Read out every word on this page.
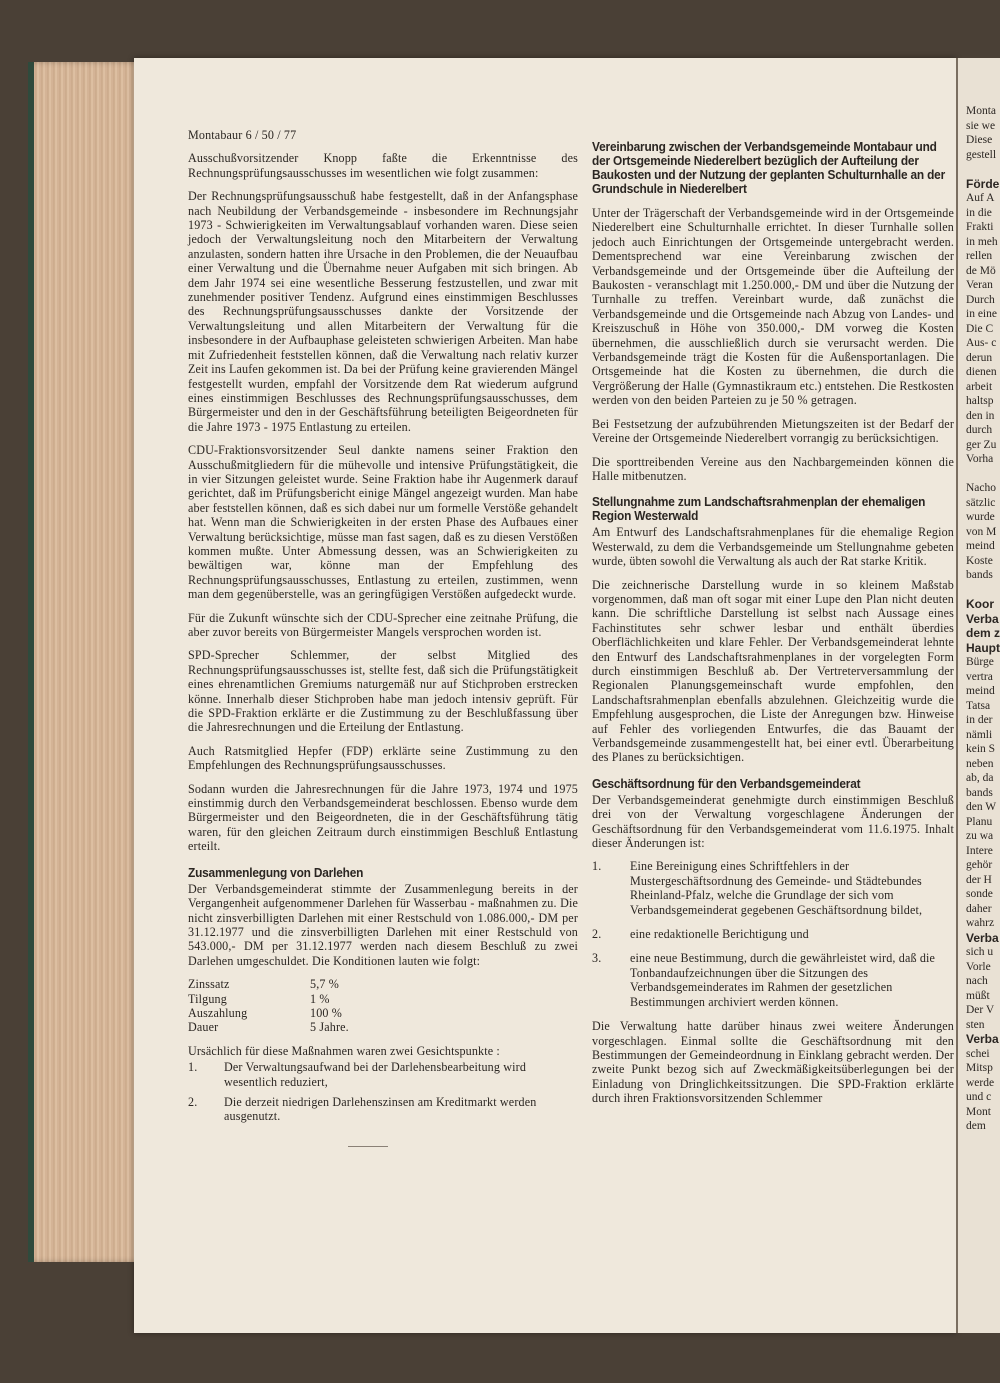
Montabaur 6 / 50 / 77

Ausschußvorsitzender Knopp faßte die Erkenntnisse des Rechnungsprüfungsausschusses im wesentlichen wie folgt zusammen:

Der Rechnungsprüfungsausschuß habe festgestellt, daß in der Anfangsphase nach Neubildung der Verbandsgemeinde - insbesondere im Rechnungsjahr 1973 - Schwierigkeiten im Verwaltungsablauf vorhanden waren. Diese seien jedoch der Verwaltungsleitung noch den Mitarbeitern der Verwaltung anzulasten, sondern hatten ihre Ursache in den Problemen, die der Neuaufbau einer Verwaltung und die Übernahme neuer Aufgaben mit sich bringen. Ab dem Jahr 1974 sei eine wesentliche Besserung festzustellen, und zwar mit zunehmender positiver Tendenz. Aufgrund eines einstimmigen Beschlusses des Rechnungsprüfungsausschusses dankte der Vorsitzende der Verwaltungsleitung und allen Mitarbeitern der Verwaltung für die insbesondere in der Aufbauphase geleisteten schwierigen Arbeiten. Man habe mit Zufriedenheit feststellen können, daß die Verwaltung nach relativ kurzer Zeit ins Laufen gekommen ist. Da bei der Prüfung keine gravierenden Mängel festgestellt wurden, empfahl der Vorsitzende dem Rat wiederum aufgrund eines einstimmigen Beschlusses des Rechnungsprüfungsausschusses, dem Bürgermeister und den in der Geschäftsführung beteiligten Beigeordneten für die Jahre 1973 - 1975 Entlastung zu erteilen.

CDU-Fraktionsvorsitzender Seul dankte namens seiner Fraktion den Ausschußmitgliedern für die mühevolle und intensive Prüfungstätigkeit, die in vier Sitzungen geleistet wurde. Seine Fraktion habe ihr Augenmerk darauf gerichtet, daß im Prüfungsbericht einige Mängel angezeigt wurden. Man habe aber feststellen können, daß es sich dabei nur um formelle Verstöße gehandelt hat. Wenn man die Schwierigkeiten in der ersten Phase des Aufbaues einer Verwaltung berücksichtige, müsse man fast sagen, daß es zu diesen Verstößen kommen mußte. Unter Abmessung dessen, was an Schwierigkeiten zu bewältigen war, könne man der Empfehlung des Rechnungsprüfungsausschusses, Entlastung zu erteilen, zustimmen, wenn man dem gegenüberstelle, was an geringfügigen Verstößen aufgedeckt wurde.

Für die Zukunft wünschte sich der CDU-Sprecher eine zeitnahe Prüfung, die aber zuvor bereits von Bürgermeister Mangels versprochen worden ist.

SPD-Sprecher Schlemmer, der selbst Mitglied des Rechnungsprüfungsausschusses ist, stellte fest, daß sich die Prüfungstätigkeit eines ehrenamtlichen Gremiums naturgemäß nur auf Stichproben erstrecken könne. Innerhalb dieser Stichproben habe man jedoch intensiv geprüft. Für die SPD-Fraktion erklärte er die Zustimmung zu der Beschlußfassung über die Jahresrechnungen und die Erteilung der Entlastung.

Auch Ratsmitglied Hepfer (FDP) erklärte seine Zustimmung zu den Empfehlungen des Rechnungsprüfungsausschusses.

Sodann wurden die Jahresrechnungen für die Jahre 1973, 1974 und 1975 einstimmig durch den Verbandsgemeinderat beschlossen. Ebenso wurde dem Bürgermeister und den Beigeordneten, die in der Geschäftsführung tätig waren, für den gleichen Zeitraum durch einstimmigen Beschluß Entlastung erteilt.

Zusammenlegung von Darlehen

Der Verbandsgemeinderat stimmte der Zusammenlegung bereits in der Vergangenheit aufgenommener Darlehen für Wasserbau - maßnahmen zu. Die nicht zinsverbilligten Darlehen mit einer Restschuld von 1.086.000,- DM per 31.12.1977 und die zinsverbilligten Darlehen mit einer Restschuld von 543.000,- DM per 31.12.1977 werden nach diesem Beschluß zu zwei Darlehen umgeschuldet. Die Konditionen lauten wie folgt:

Zinssatz	5,7 %
Tilgung	1 %
Auszahlung	100 %
Dauer	5 Jahre.

Ursächlich für diese Maßnahmen waren zwei Gesichtspunkte :

1.	Der Verwaltungsaufwand bei der Darlehensbearbeitung wird wesentlich reduziert,
2.	Die derzeit niedrigen Darlehenszinsen am Kreditmarkt werden ausgenutzt.
Vereinbarung zwischen der Verbandsgemeinde Montabaur und der Ortsgemeinde Niederelbert bezüglich der Aufteilung der Baukosten und der Nutzung der geplanten Schulturnhalle an der Grundschule in Niederelbert

Unter der Trägerschaft der Verbandsgemeinde wird in der Ortsgemeinde Niederelbert eine Schulturnhalle errichtet. In dieser Turnhalle sollen jedoch auch Einrichtungen der Ortsgemeinde untergebracht werden. Dementsprechend war eine Vereinbarung zwischen der Verbandsgemeinde und der Ortsgemeinde über die Aufteilung der Baukosten - veranschlagt mit 1.250.000,- DM und über die Nutzung der Turnhalle zu treffen. Vereinbart wurde, daß zunächst die Verbandsgemeinde und die Ortsgemeinde nach Abzug von Landes- und Kreiszuschuß in Höhe von 350.000,- DM vorweg die Kosten übernehmen, die ausschließlich durch sie verursacht werden. Die Verbandsgemeinde trägt die Kosten für die Außensportanlagen. Die Ortsgemeinde hat die Kosten zu übernehmen, die durch die Vergrößerung der Halle (Gymnastikraum etc.) entstehen. Die Restkosten werden von den beiden Parteien zu je 50 % getragen.

Bei Festsetzung der aufzubührenden Mietungszeiten ist der Bedarf der Vereine der Ortsgemeinde Niederelbert vorrangig zu berücksichtigen.

Die sporttreibenden Vereine aus den Nachbargemeinden können die Halle mitbenutzen.

Stellungnahme zum Landschaftsrahmenplan der ehemaligen Region Westerwald

Am Entwurf des Landschaftsrahmenplanes für die ehemalige Region Westerwald, zu dem die Verbandsgemeinde um Stellungnahme gebeten wurde, übten sowohl die Verwaltung als auch der Rat starke Kritik.

Die zeichnerische Darstellung wurde in so kleinem Maßstab vorgenommen, daß man oft sogar mit einer Lupe den Plan nicht deuten kann. Die schriftliche Darstellung ist selbst nach Aussage eines Fachinstitutes sehr schwer lesbar und enthält überdies Oberflächlichkeiten und klare Fehler. Der Verbandsgemeinderat lehnte den Entwurf des Landschaftsrahmenplanes in der vorgelegten Form durch einstimmigen Beschluß ab. Der Vertreterversammlung der Regionalen Planungsgemeinschaft wurde empfohlen, den Landschaftsrahmenplan ebenfalls abzulehnen. Gleichzeitig wurde die Empfehlung ausgesprochen, die Liste der Anregungen bzw. Hinweise auf Fehler des vorliegenden Entwurfes, die das Bauamt der Verbandsgemeinde zusammengestellt hat, bei einer evtl. Überarbeitung des Planes zu berücksichtigen.

Geschäftsordnung für den Verbandsgemeinderat

Der Verbandsgemeinderat genehmigte durch einstimmigen Beschluß drei von der Verwaltung vorgeschlagene Änderungen der Geschäftsordnung für den Verbandsgemeinderat vom 11.6.1975. Inhalt dieser Änderungen ist:

1.	Eine Bereinigung eines Schriftfehlers in der Mustergeschäftsordnung des Gemeinde- und Städtebundes Rheinland-Pfalz, welche die Grundlage der sich vom Verbandsgemeinderat gegebenen Geschäftsordnung bildet,
2.	eine redaktionelle Berichtigung und
3.	eine neue Bestimmung, durch die gewährleistet wird, daß die Tonbandaufzeichnungen über die Sitzungen des Verbandsgemeinderates im Rahmen der gesetzlichen Bestimmungen archiviert werden können.

Die Verwaltung hatte darüber hinaus zwei weitere Änderungen vorgeschlagen. Einmal sollte die Geschäftsordnung mit den Bestimmungen der Gemeindeordnung in Einklang gebracht werden. Der zweite Punkt bezog sich auf Zweckmäßigkeitsüberlegungen bei der Einladung von Dringlichkeitssitzungen. Die SPD-Fraktion erklärte durch ihren Fraktionsvorsitzenden Schlemmer

Monta
sie we
Diese
gestell
Förde
Auf A
in die
Frakti
in meh
rellen
de Mö
Veran
Durch
in eine
Die C
Aus- c
derun
dienen
arbeit
haltsp
den in
durch
ger Zu
Vorha
Nacho
sätzlic
wurde
von M
meind
Koste
bands
Koor
Verba
dem z
Haupt
Bürge
vertra
meind
Tatsa
in der
nämli
kein S
neben
ab, da
bands
den W
Planu
zu wa
Intere
gehör
der H
sonde
daher
wahrz
Verba
sich u
Vorle
nach
müßt
Der V
sten
Verba
schei
Mitsp
werde
und c
Mont
dem
